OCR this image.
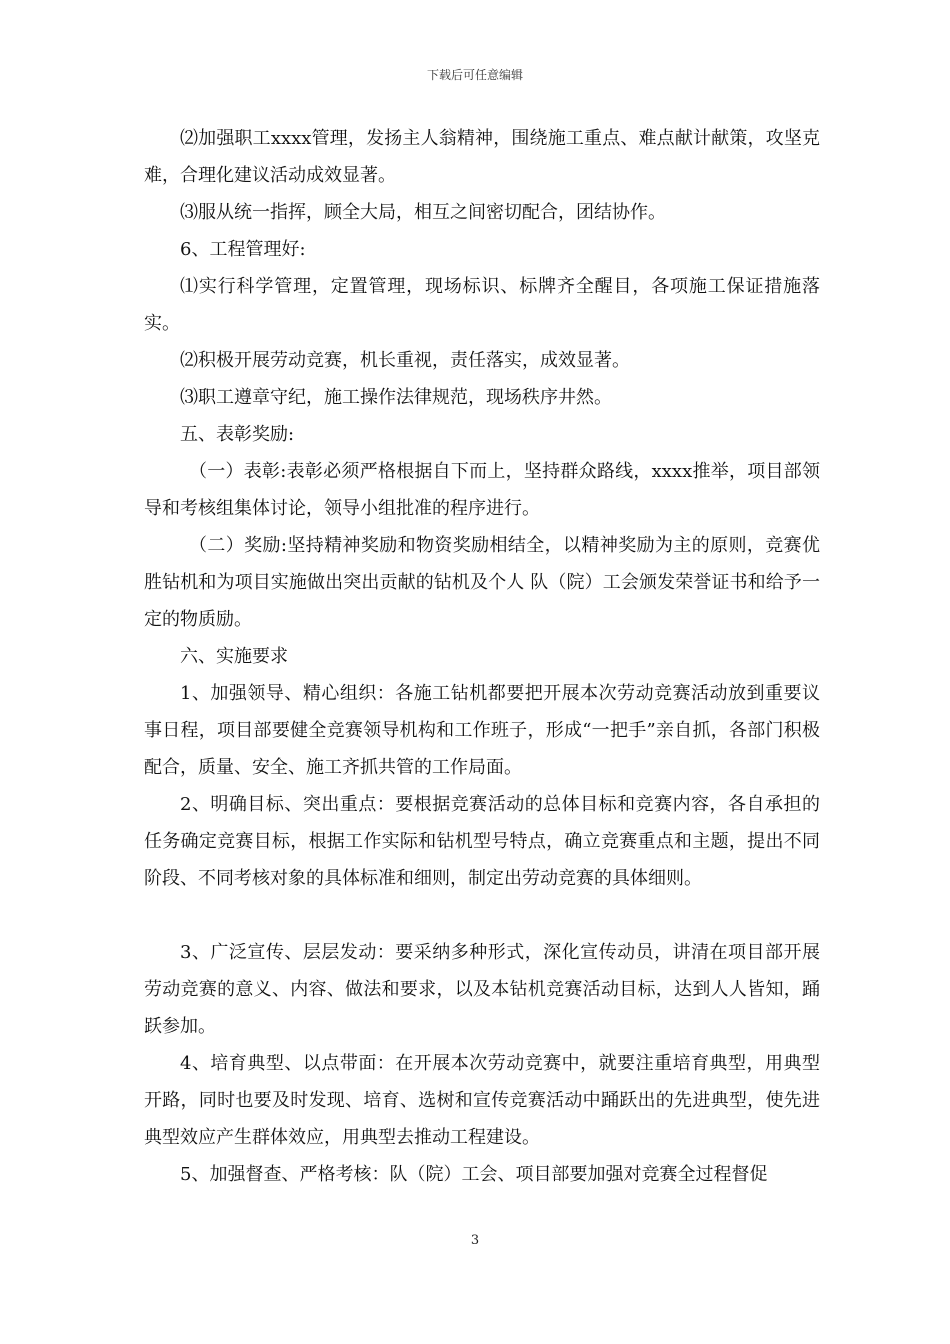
下载后可任意编辑

⑵加强职工xxxx管理，发扬主人翁精神，围绕施工重点、难点献计献策，攻坚克难，合理化建议活动成效显著。

⑶服从统一指挥，顾全大局，相互之间密切配合，团结协作。

6、工程管理好:

⑴实行科学管理，定置管理，现场标识、标牌齐全醒目，各项施工保证措施落实。

⑵积极开展劳动竞赛，机长重视，责任落实，成效显著。

⑶职工遵章守纪，施工操作法律规范，现场秩序井然。

五、表彰奖励:

（一）表彰:表彰必须严格根据自下而上，坚持群众路线，xxxx推举，项目部领导和考核组集体讨论，领导小组批准的程序进行。

（二）奖励:坚持精神奖励和物资奖励相结全，以精神奖励为主的原则，竞赛优胜钻机和为项目实施做出突出贡献的钻机及个人 队（院）工会颁发荣誉证书和给予一定的物质励。

六、实施要求

1、加强领导、精心组织：各施工钻机都要把开展本次劳动竞赛活动放到重要议事日程，项目部要健全竞赛领导机构和工作班子，形成“一把手”亲自抓，各部门积极配合，质量、安全、施工齐抓共管的工作局面。

2、明确目标、突出重点：要根据竞赛活动的总体目标和竞赛内容，各自承担的任务确定竞赛目标，根据工作实际和钻机型号特点，确立竞赛重点和主题，提出不同阶段、不同考核对象的具体标准和细则，制定出劳动竞赛的具体细则。

3、广泛宣传、层层发动：要采纳多种形式，深化宣传动员，讲清在项目部开展劳动竞赛的意义、内容、做法和要求，以及本钻机竞赛活动目标，达到人人皆知，踊跃参加。

4、培育典型、以点带面：在开展本次劳动竞赛中，就要注重培育典型，用典型开路，同时也要及时发现、培育、选树和宣传竞赛活动中踊跃出的先进典型，使先进典型效应产生群体效应，用典型去推动工程建设。

5、加强督查、严格考核：队（院）工会、项目部要加强对竞赛全过程督促

3
